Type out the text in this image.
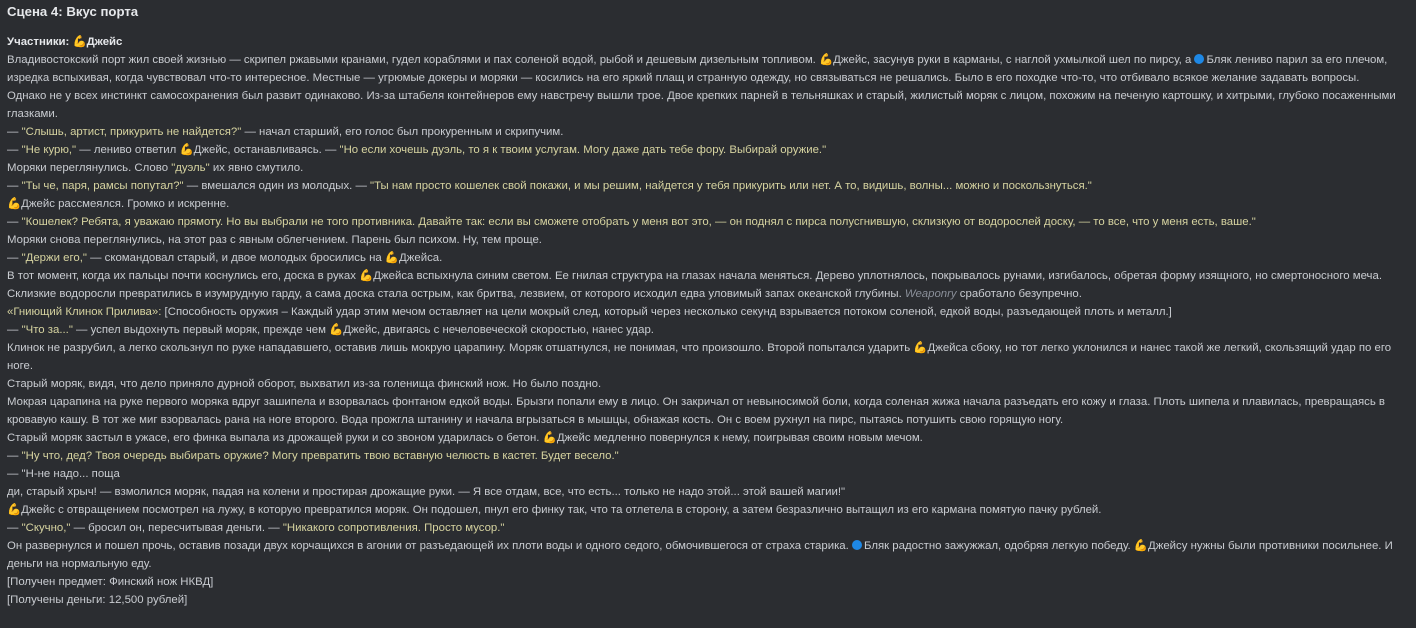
Сцена 4: Вкус порта

Участники: 💪Джейс

Владивостокский порт жил своей жизнью — скрипел ржавыми кранами, гудел кораблями и пах соленой водой, рыбой и дешевым дизельным топливом. 💪Джейс, засунув руки в карманы, с наглой ухмылкой шел по пирсу, а Бляк лениво парил за его плечом, изредка вспыхивая, когда чувствовал что-то интересное. Местные — угрюмые докеры и моряки — косились на его яркий плащ и странную одежду, но связываться не решались. Было в его походке что-то, что отбивало всякое желание задавать вопросы.

Однако не у всех инстинкт самосохранения был развит одинаково. Из-за штабеля контейнеров ему навстречу вышли трое. Двое крепких парней в тельняшках и старый, жилистый моряк с лицом, похожим на печеную картошку, и хитрыми, глубоко посаженными глазками.

— "Слышь, артист, прикурить не найдется?" — начал старший, его голос был прокуренным и скрипучим.

— "Не курю," — лениво ответил 💪Джейс, останавливаясь. — "Но если хочешь дуэль, то я к твоим услугам. Могу даже дать тебе фору. Выбирай оружие."

Моряки переглянулись. Слово "дуэль" их явно смутило.

— "Ты че, паря, рамсы попутал?" — вмешался один из молодых. — "Ты нам просто кошелек свой покажи, и мы решим, найдется у тебя прикурить или нет. А то, видишь, волны... можно и поскользнуться."

💪Джейс рассмеялся. Громко и искренне.

— "Кошелек? Ребята, я уважаю прямоту. Но вы выбрали не того противника. Давайте так: если вы сможете отобрать у меня вот это, — он поднял с пирса полусгнившую, склизкую от водорослей доску, — то все, что у меня есть, ваше."

Моряки снова переглянулись, на этот раз с явным облегчением. Парень был психом. Ну, тем проще.

— "Держи его," — скомандовал старый, и двое молодых бросились на 💪Джейса.

В тот момент, когда их пальцы почти коснулись его, доска в руках 💪Джейса вспыхнула синим светом. Ее гнилая структура на глазах начала меняться. Дерево уплотнялось, покрывалось рунами, изгибалось, обретая форму изящного, но смертоносного меча. Склизкие водоросли превратились в изумрудную гарду, а сама доска стала острым, как бритва, лезвием, от которого исходил едва уловимый запах океанской глубины. Weaponry сработало безупречно.

«Гниющий Клинок Прилива»: [Способность оружия – Каждый удар этим мечом оставляет на цели мокрый след, который через несколько секунд взрывается потоком соленой, едкой воды, разъедающей плоть и металл.]

— "Что за..." — успел выдохнуть первый моряк, прежде чем 💪Джейс, двигаясь с нечеловеческой скоростью, нанес удар.

Клинок не разрубил, а легко скользнул по руке нападавшего, оставив лишь мокрую царапину. Моряк отшатнулся, не понимая, что произошло. Второй попытался ударить 💪Джейса сбоку, но тот легко уклонился и нанес такой же легкий, скользящий удар по его ноге.

Старый моряк, видя, что дело приняло дурной оборот, выхватил из-за голенища финский нож. Но было поздно.

Мокрая царапина на руке первого моряка вдруг зашипела и взорвалась фонтаном едкой воды. Брызги попали ему в лицо. Он закричал от невыносимой боли, когда соленая жижа начала разъедать его кожу и глаза. Плоть шипела и плавилась, превращаясь в кровавую кашу. В тот же миг взорвалась рана на ноге второго. Вода прожгла штанину и начала вгрызаться в мышцы, обнажая кость. Он с воем рухнул на пирс, пытаясь потушить свою горящую ногу.

Старый моряк застыл в ужасе, его финка выпала из дрожащей руки и со звоном ударилась о бетон. 💪Джейс медленно повернулся к нему, поигрывая своим новым мечом.

— "Ну что, дед? Твоя очередь выбирать оружие? Могу превратить твою вставную челюсть в кастет. Будет весело."

— "Н-не надо... поща

ди, старый хрыч! — взмолился моряк, падая на колени и простирая дрожащие руки. — Я все отдам, все, что есть... только не надо этой... этой вашей магии!"

💪Джейс с отвращением посмотрел на лужу, в которую превратился моряк. Он подошел, пнул его финку так, что та отлетела в сторону, а затем безразлично вытащил из его кармана помятую пачку рублей.

— "Скучно," — бросил он, пересчитывая деньги. — "Никакого сопротивления. Просто мусор."

Он развернулся и пошел прочь, оставив позади двух корчащихся в агонии от разъедающей их плоти воды и одного седого, обмочившегося от страха старика. Бляк радостно зажужжал, одобряя легкую победу. 💪Джейсу нужны были противники посильнее. И деньги на нормальную еду.

[Получен предмет: Финский нож НКВД]

[Получены деньги: 12,500 рублей]
